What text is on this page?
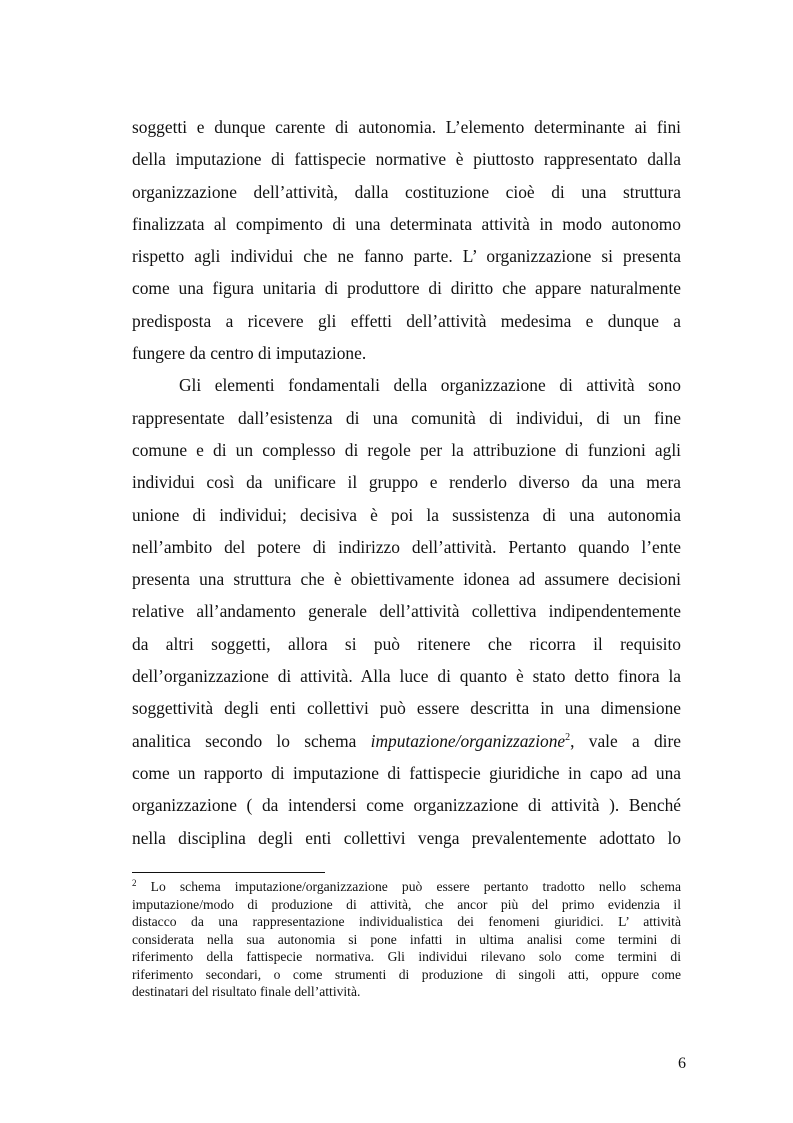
soggetti e dunque carente di autonomia. L’elemento determinante ai fini
della imputazione di fattispecie normative è piuttosto rappresentato dalla
organizzazione dell’attività, dalla costituzione cioè di una struttura
finalizzata al compimento di una determinata attività in modo autonomo
rispetto agli individui che ne fanno parte. L’ organizzazione si presenta
come una figura unitaria di produttore di diritto che appare naturalmente
predisposta a ricevere gli effetti dell’attività medesima e dunque a
fungere da centro di imputazione.
Gli elementi fondamentali della organizzazione di attività sono
rappresentate dall’esistenza di una comunità di individui, di un fine
comune e di un complesso di regole per la attribuzione di funzioni agli
individui così da unificare il gruppo e renderlo diverso da una mera
unione di individui; decisiva è poi la sussistenza di una autonomia
nell’ambito del potere di indirizzo dell’attività. Pertanto quando l’ente
presenta una struttura che è obiettivamente idonea ad assumere decisioni
relative all’andamento generale dell’attività collettiva indipendentemente
da altri soggetti, allora si può ritenere che ricorra il requisito
dell’organizzazione di attività. Alla luce di quanto è stato detto finora la
soggettività degli enti collettivi può essere descritta in una dimensione
analitica secondo lo schema imputazione/organizzazione$^2$, vale a dire
come un rapporto di imputazione di fattispecie giuridiche in capo ad una
organizzazione ( da intendersi come organizzazione di attività ). Benché
nella disciplina degli enti collettivi venga prevalentemente adottato lo
$^2$ Lo schema imputazione/organizzazione può essere pertanto tradotto nello schema
imputazione/modo di produzione di attività, che ancor più del primo evidenzia il
distacco da una rappresentazione individualistica dei fenomeni giuridici. L’ attività
considerata nella sua autonomia si pone infatti in ultima analisi come termini di
riferimento della fattispecie normativa. Gli individui rilevano solo come termini di
riferimento secondari, o come strumenti di produzione di singoli atti, oppure come
destinatari del risultato finale dell’attività.
6
